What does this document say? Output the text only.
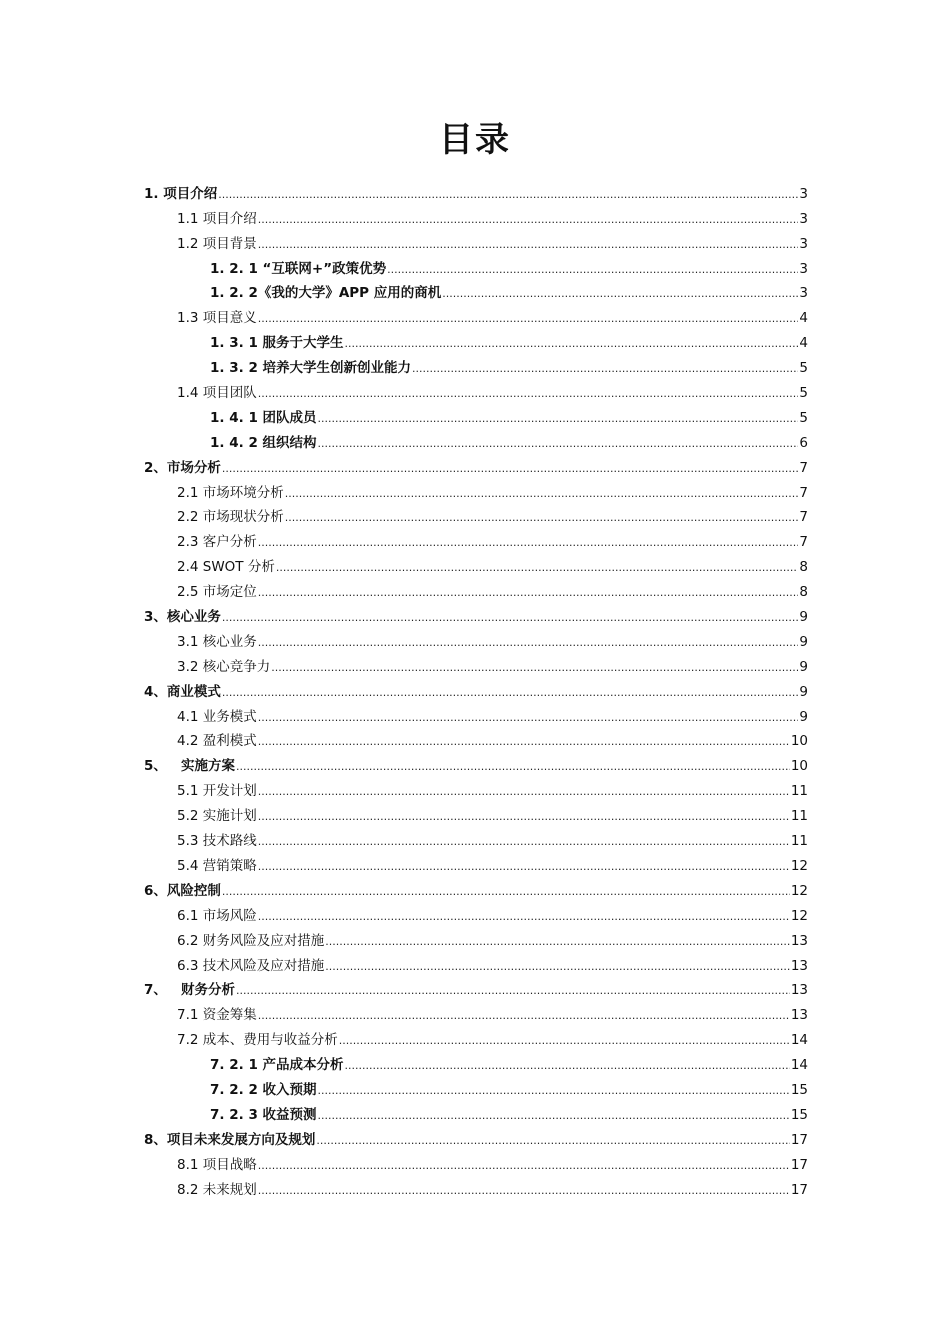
目录
1. 项目介绍 .....	3
1.1 项目介绍 .....	3
1.2 项目背景 .....	3
1. 2. 1 “互联网+”政策优势 .....	3
1. 2. 2《我的大学》APP 应用的商机 .....	3
1.3 项目意义 .....	4
1. 3. 1 服务于大学生 .....	4
1. 3. 2 培养大学生创新创业能力 .....	5
1.4 项目团队 .....	5
1. 4. 1 团队成员 .....	5
1. 4. 2 组织结构 .....	6
2、市场分析 .....	7
2.1 市场环境分析 .....	7
2.2 市场现状分析 .....	7
2.3 客户分析 .....	7
2.4 SWOT 分析 .....	8
2.5 市场定位 .....	8
3、核心业务 .....	9
3.1 核心业务 .....	9
3.2 核心竞争力 .....	9
4、商业模式 .....	9
4.1 业务模式 .....	9
4.2 盈利模式 .....	10
5、   实施方案 .....	10
5.1 开发计划 .....	11
5.2 实施计划 .....	11
5.3 技术路线 .....	11
5.4 营销策略 .....	12
6、风险控制 .....	12
6.1 市场风险 .....	12
6.2 财务风险及应对措施 .....	13
6.3 技术风险及应对措施 .....	13
7、   财务分析 .....	13
7.1 资金筹集 .....	13
7.2 成本、费用与收益分析 .....	14
7. 2. 1 产品成本分析 .....	14
7. 2. 2 收入预期 .....	15
7. 2. 3 收益预测 .....	15
8、项目未来发展方向及规划 .....	17
8.1 项目战略 .....	17
8.2 未来规划 .....	17
